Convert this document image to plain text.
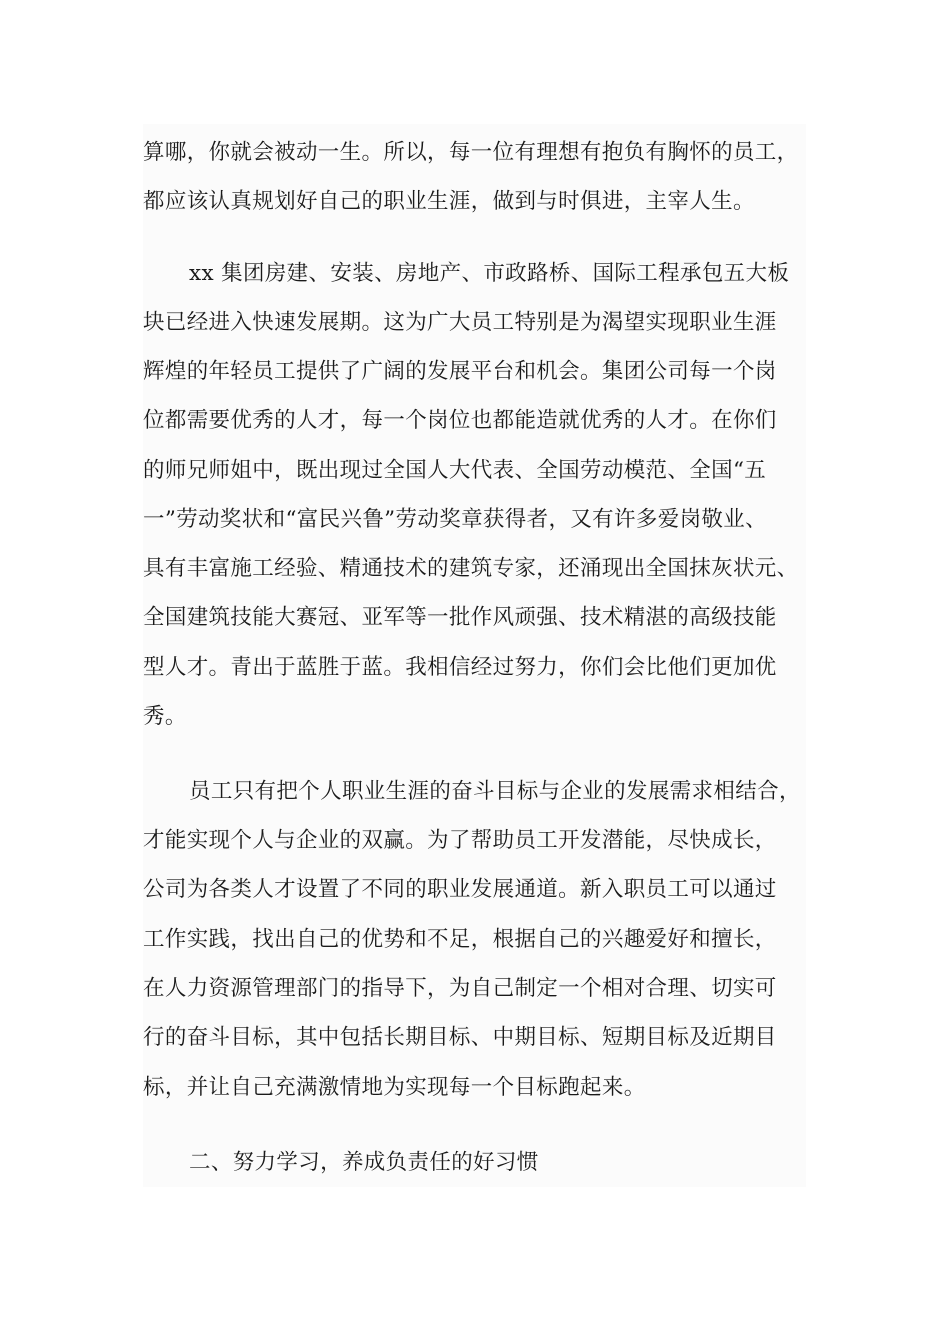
算哪，你就会被动一生。所以，每一位有理想有抱负有胸怀的员工，
都应该认真规划好自己的职业生涯，做到与时俱进，主宰人生。
xx 集团房建、安装、房地产、市政路桥、国际工程承包五大板
块已经进入快速发展期。这为广大员工特别是为渴望实现职业生涯
辉煌的年轻员工提供了广阔的发展平台和机会。集团公司每一个岗
位都需要优秀的人才，每一个岗位也都能造就优秀的人才。在你们
的师兄师姐中，既出现过全国人大代表、全国劳动模范、全国“五
一”劳动奖状和“富民兴鲁”劳动奖章获得者，又有许多爱岗敬业、
具有丰富施工经验、精通技术的建筑专家，还涌现出全国抹灰状元、
全国建筑技能大赛冠、亚军等一批作风顽强、技术精湛的高级技能
型人才。青出于蓝胜于蓝。我相信经过努力，你们会比他们更加优
秀。
员工只有把个人职业生涯的奋斗目标与企业的发展需求相结合，
才能实现个人与企业的双赢。为了帮助员工开发潜能，尽快成长，
公司为各类人才设置了不同的职业发展通道。新入职员工可以通过
工作实践，找出自己的优势和不足，根据自己的兴趣爱好和擅长，
在人力资源管理部门的指导下，为自己制定一个相对合理、切实可
行的奋斗目标，其中包括长期目标、中期目标、短期目标及近期目
标，并让自己充满激情地为实现每一个目标跑起来。
二、努力学习，养成负责任的好习惯
